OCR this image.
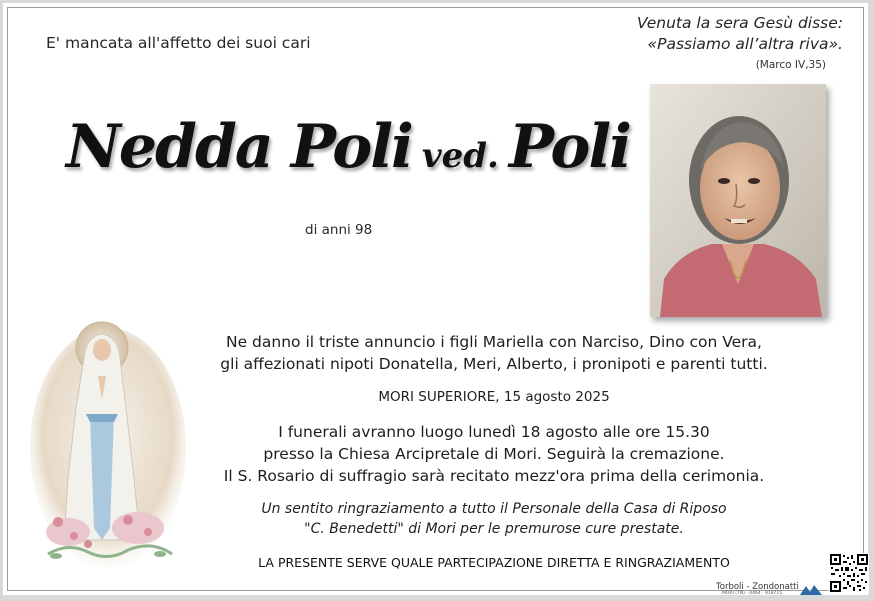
E' mancata all'affetto dei suoi cari
Venuta la sera Gesù disse:
«Passiamo all’altra riva».
(Marco IV,35)
Nedda Poli ved. Poli
di anni 98
Ne danno il triste annuncio i figli Mariella con Narciso, Dino con Vera,
gli affezionati nipoti Donatella, Meri, Alberto, i pronipoti e parenti tutti.
MORI SUPERIORE, 15 agosto 2025
I funerali avranno luogo lunedì 18 agosto alle ore 15.30
presso la Chiesa Arcipretale di Mori. Seguirà la cremazione.
Il S. Rosario di suffragio sarà recitato mezz'ora prima della cerimonia.
Un sentito ringraziamento a tutto il Personale della Casa di Riposo
"C. Benedetti" di Mori per le premurose cure prestate.
LA PRESENTE SERVE QUALE PARTECIPAZIONE DIRETTA E RINGRAZIAMENTO
Torboli - Zondonatti
MORI (TN) · 0464 · 918715
